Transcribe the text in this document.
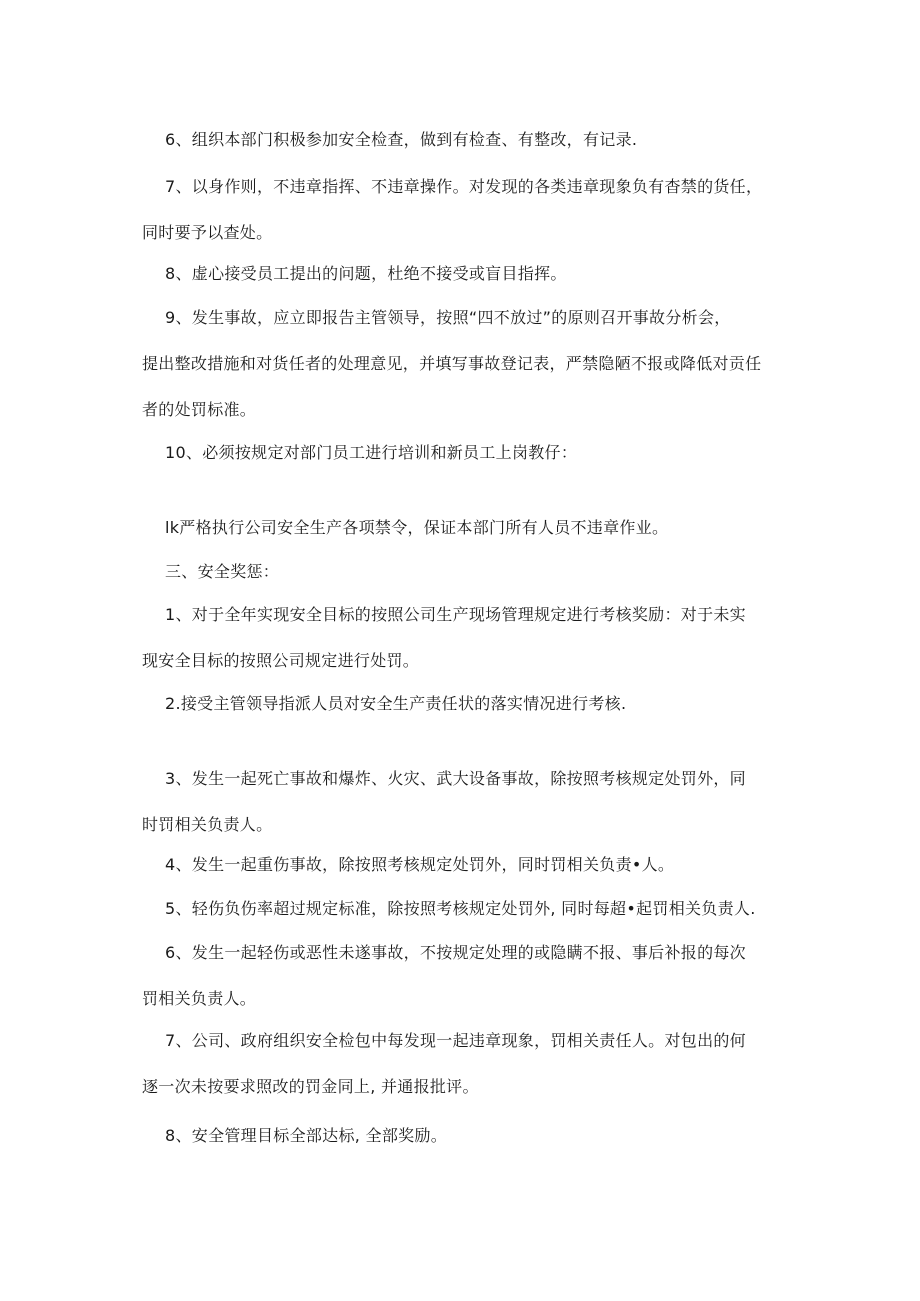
6、组织本部门积极参加安全检查，做到有检查、有整改，有记录.
7、以身作则，不违章指挥、不违章操作。对发现的各类违章现象负有杳禁的货任，
同时要予以查处。
8、虚心接受员工提出的问题，杜绝不接受或盲目指挥。
9、发生事故，应立即报告主管领导，按照“四不放过”的原则召开事故分析会，
提出整改措施和对货任者的处理意见，并填写事故登记表，严禁隐陋不报或降低对贡任
者的处罚标准。
10、必须按规定对部门员工进行培训和新员工上岗教仔：
lk严格执行公司安全生产各项禁令，保证本部门所有人员不违章作业。
三、安全奖惩：
1、对于全年实现安全目标的按照公司生产现场管理规定进行考核奖励：对于未实
现安全目标的按照公司规定进行处罚。
2.接受主管领导指派人员对安全生产责任状的落实情况进行考核.
3、发生一起死亡事故和爆炸、火灾、武大设备事故，除按照考核规定处罚外，同
时罚相关负责人。
4、发生一起重伤事故，除按照考核规定处罚外，同时罚相关负责•人。
5、轻伤负伤率超过规定标准，除按照考核规定处罚外, 同时每超•起罚相关负责人.
6、发生一起轻伤或恶性未遂事故，不按规定处理的或隐瞒不报、事后补报的每次
罚相关负责人。
7、公司、政府组织安全检包中每发现一起违章现象，罚相关责任人。对包出的何
逐一次未按要求照改的罚金同上, 并通报批评。
8、安全管理目标全部达标, 全部奖励。
